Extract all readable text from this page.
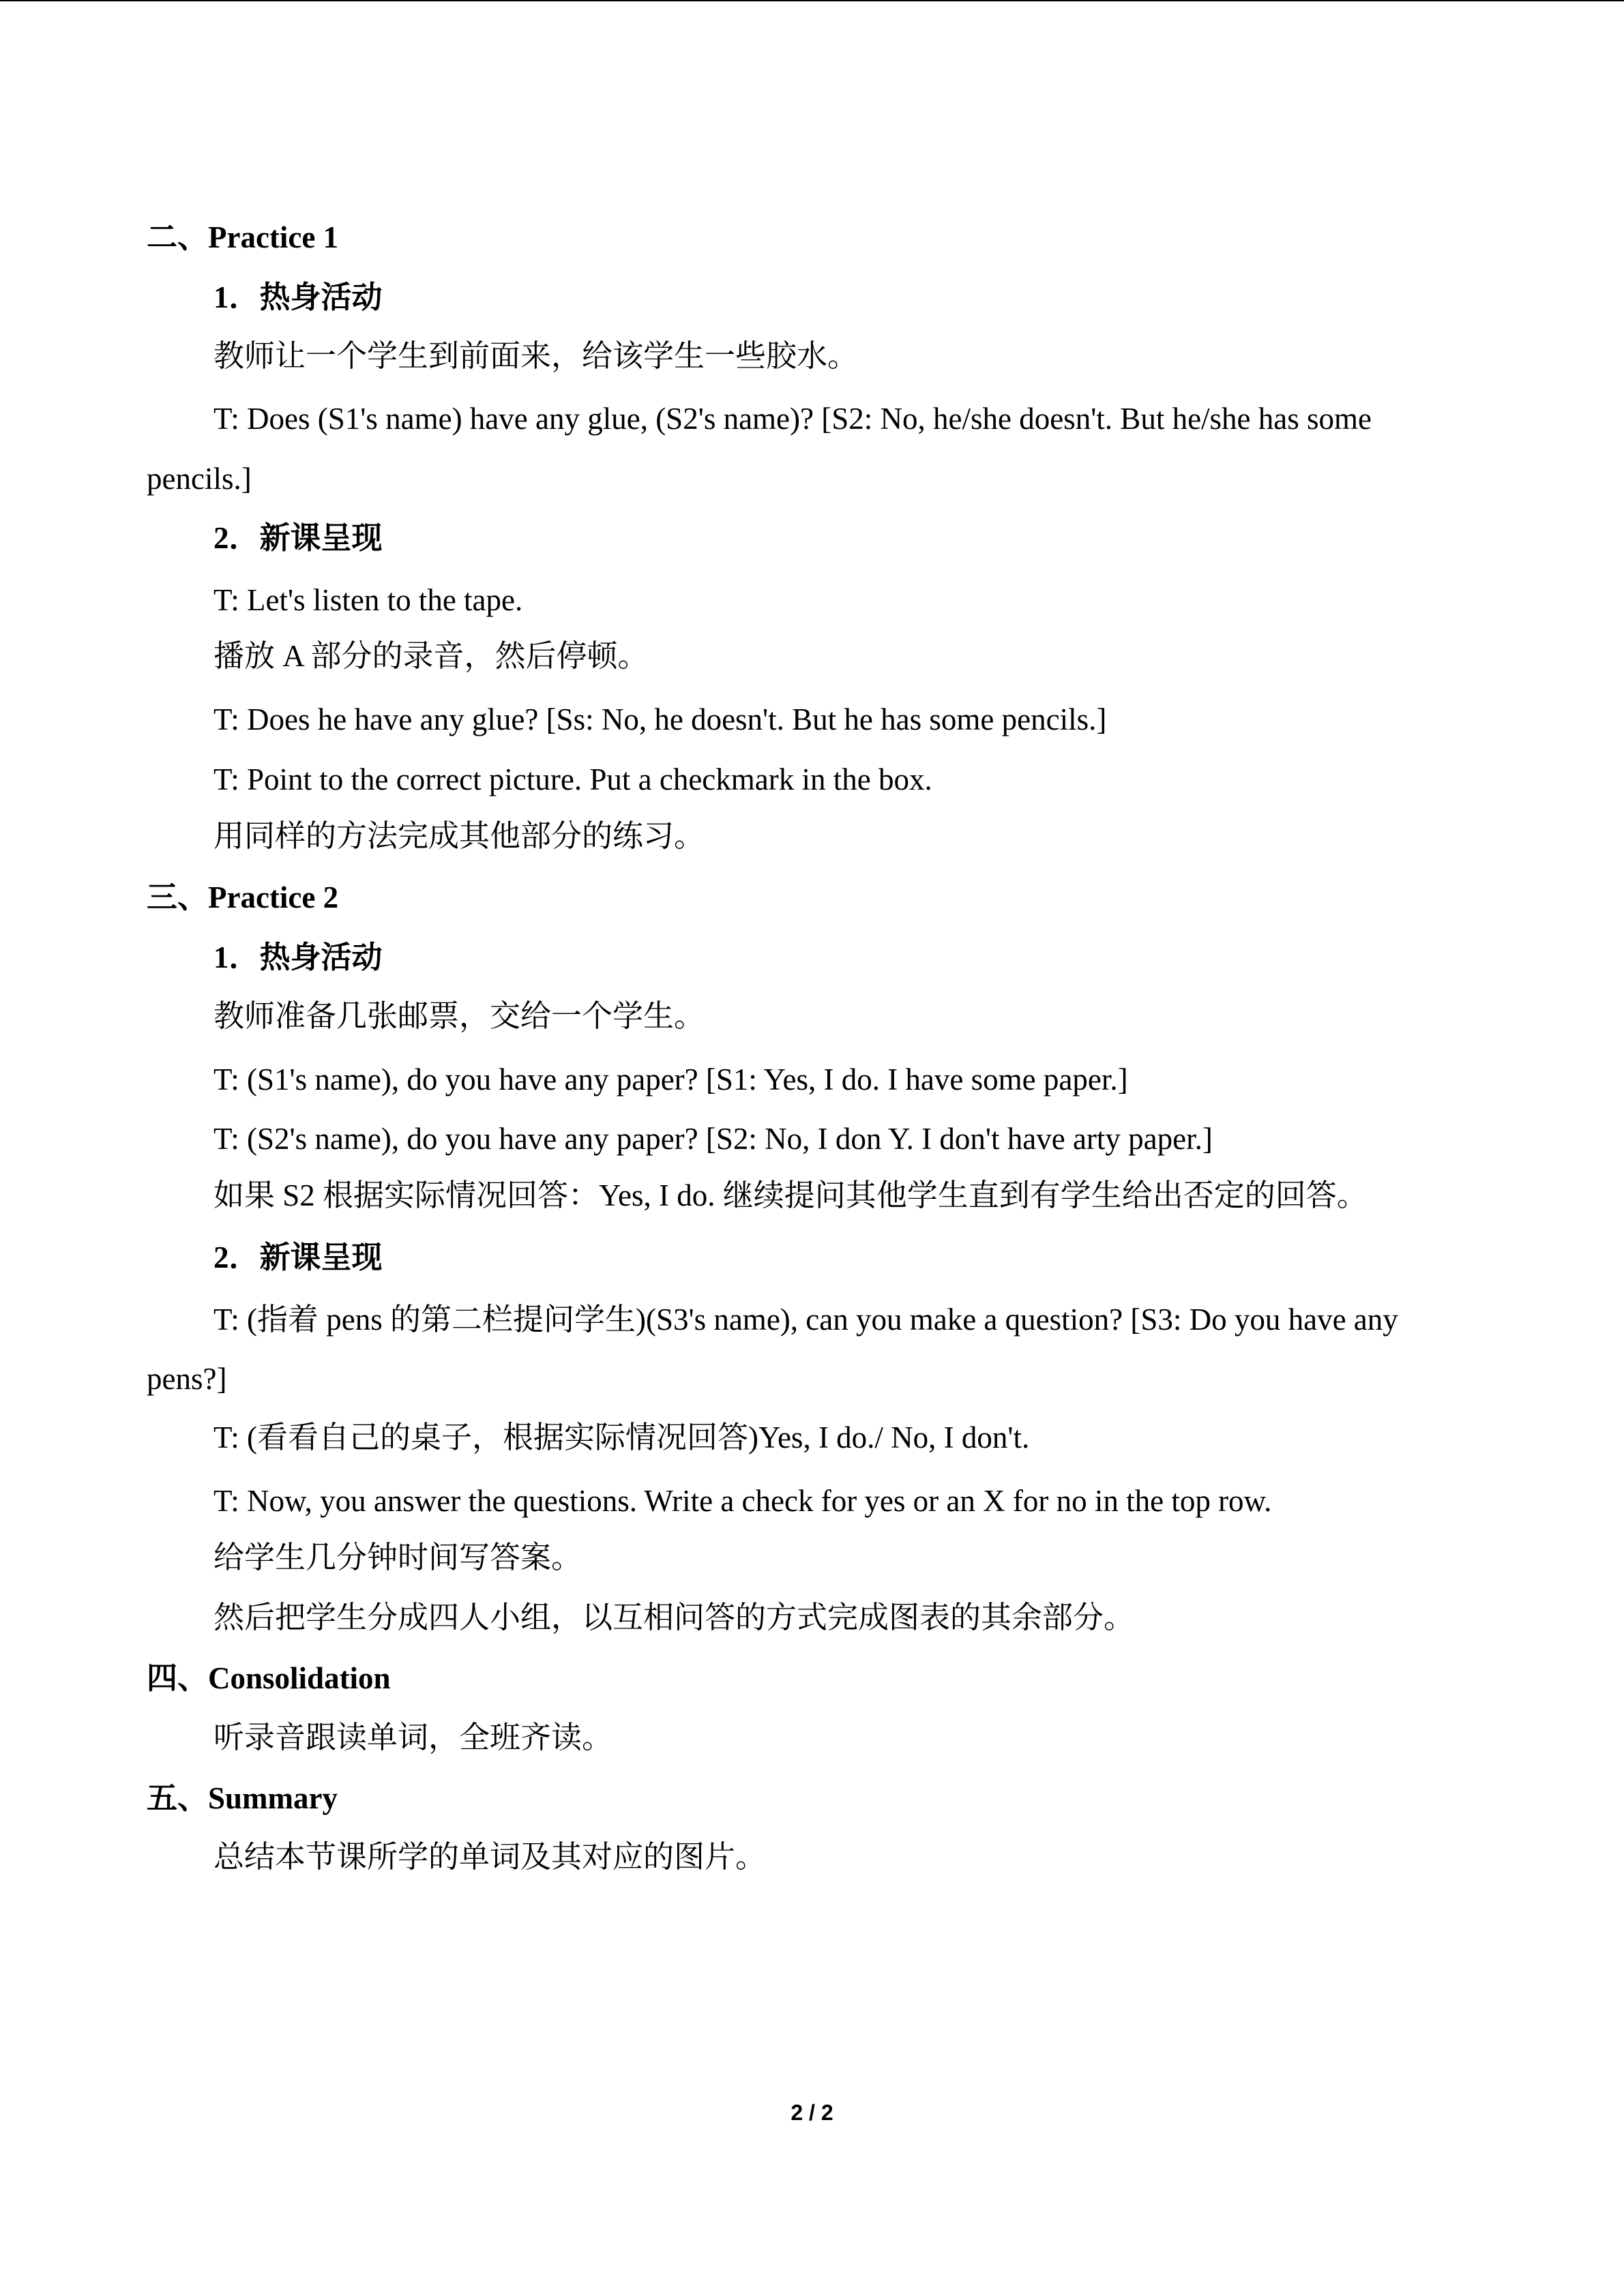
二、Practice 1
1．热身活动
教师让一个学生到前面来，给该学生一些胶水。
T: Does (S1's name) have any glue, (S2's name)? [S2: No, he/she doesn't. But he/she has some
pencils.]
2．新课呈现
T: Let's listen to the tape.
播放 A 部分的录音，然后停顿。
T: Does he have any glue? [Ss: No, he doesn't. But he has some pencils.]
T: Point to the correct picture. Put a checkmark in the box.
用同样的方法完成其他部分的练习。
三、Practice 2
1．热身活动
教师准备几张邮票，交给一个学生。
T: (S1's name), do you have any paper? [S1: Yes, I do. I have some paper.]
T: (S2's name), do you have any paper? [S2: No, I don Y. I don't have arty paper.]
如果 S2 根据实际情况回答：Yes, I do. 继续提问其他学生直到有学生给出否定的回答。
2．新课呈现
T: (指着 pens 的第二栏提问学生)(S3's name), can you make a question? [S3: Do you have any
pens?]
T: (看看自己的桌子，根据实际情况回答)Yes, I do./ No, I don't.
T: Now, you answer the questions. Write a check for yes or an X for no in the top row.
给学生几分钟时间写答案。
然后把学生分成四人小组，以互相问答的方式完成图表的其余部分。
四、Consolidation
听录音跟读单词，全班齐读。
五、Summary
总结本节课所学的单词及其对应的图片。
2 / 2
